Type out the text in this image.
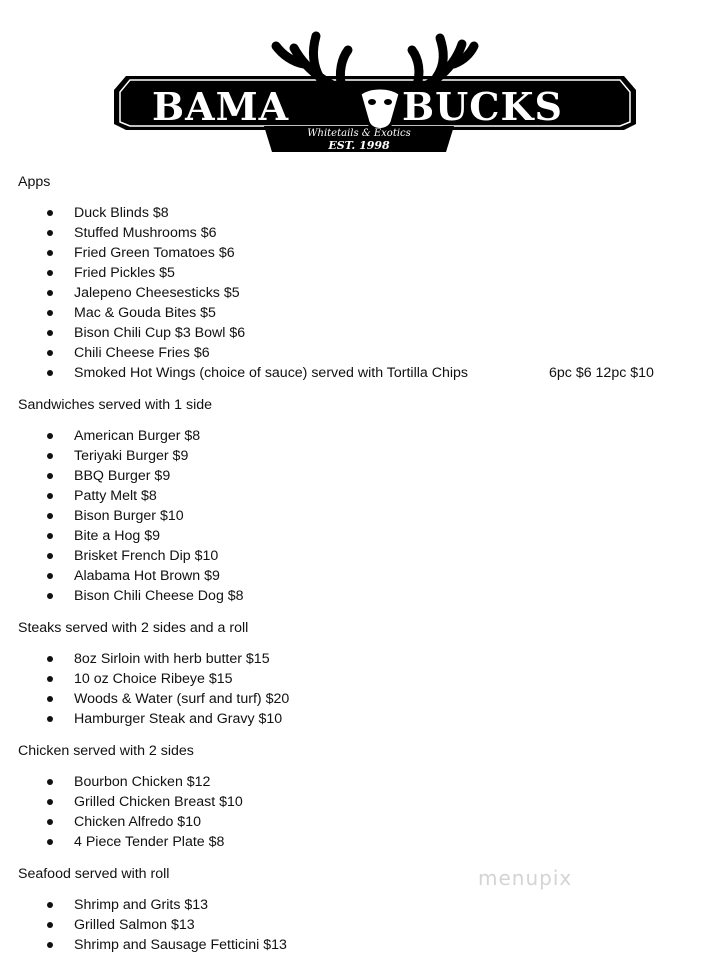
BAMA	BUCKS
Whitetails & Exotics
EST. 1998

Apps

Duck Blinds $8
Stuffed Mushrooms $6
Fried Green Tomatoes $6
Fried Pickles $5
Jalepeno Cheesesticks $5
Mac & Gouda Bites $5
Bison Chili Cup $3 Bowl $6
Chili Cheese Fries $6
Smoked Hot Wings (choice of sauce) served with Tortilla Chips	6pc $6 12pc $10

Sandwiches served with 1 side

American Burger $8
Teriyaki Burger $9
BBQ Burger $9
Patty Melt $8
Bison Burger $10
Bite a Hog $9
Brisket French Dip $10
Alabama Hot Brown $9
Bison Chili Cheese Dog $8

Steaks served with 2 sides and a roll

8oz Sirloin with herb butter $15
10 oz Choice Ribeye $15
Woods & Water (surf and turf) $20
Hamburger Steak and Gravy $10

Chicken served with 2 sides

Bourbon Chicken $12
Grilled Chicken Breast $10
Chicken Alfredo $10
4 Piece Tender Plate $8

Seafood served with roll

Shrimp and Grits $13
Grilled Salmon $13
Shrimp and Sausage Fetticini $13
menupix
